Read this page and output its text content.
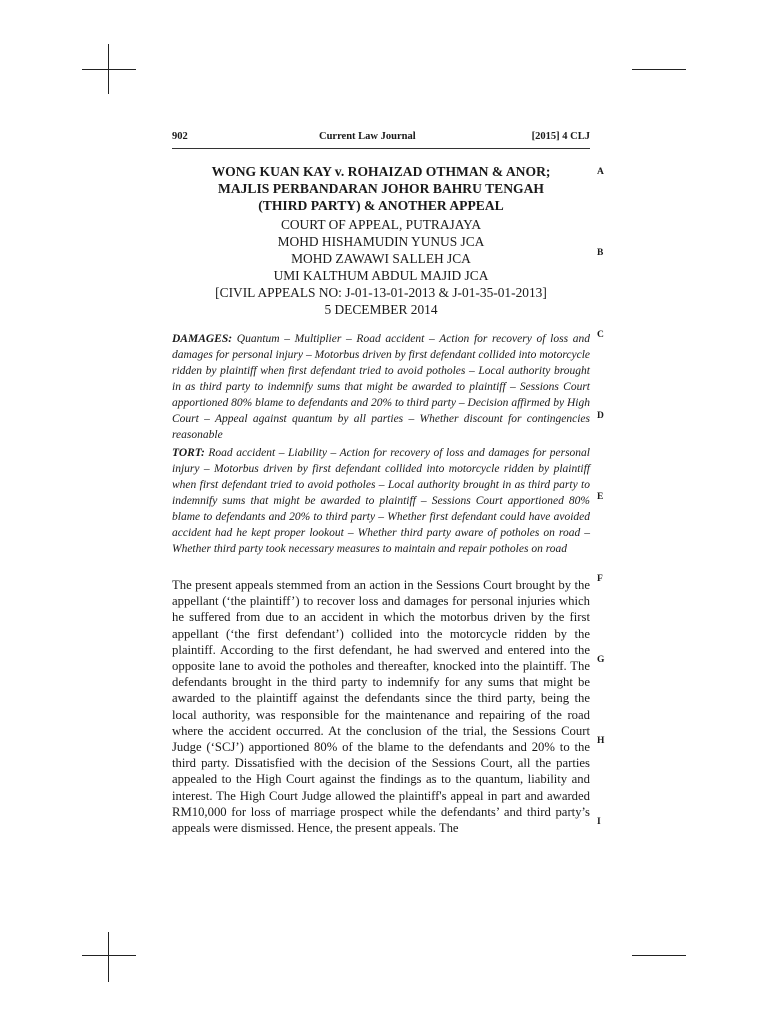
902	Current Law Journal	[2015] 4 CLJ
WONG KUAN KAY v. ROHAIZAD OTHMAN & ANOR;
MAJLIS PERBANDARAN JOHOR BAHRU TENGAH
(THIRD PARTY) & ANOTHER APPEAL
COURT OF APPEAL, PUTRAJAYA
MOHD HISHAMUDIN YUNUS JCA
MOHD ZAWAWI SALLEH JCA
UMI KALTHUM ABDUL MAJID JCA
[CIVIL APPEALS NO: J-01-13-01-2013 & J-01-35-01-2013]
5 DECEMBER 2014
DAMAGES: Quantum – Multiplier – Road accident – Action for recovery of loss and damages for personal injury – Motorbus driven by first defendant collided into motorcycle ridden by plaintiff when first defendant tried to avoid potholes – Local authority brought in as third party to indemnify sums that might be awarded to plaintiff – Sessions Court apportioned 80% blame to defendants and 20% to third party – Decision affirmed by High Court – Appeal against quantum by all parties – Whether discount for contingencies reasonable
TORT: Road accident – Liability – Action for recovery of loss and damages for personal injury – Motorbus driven by first defendant collided into motorcycle ridden by plaintiff when first defendant tried to avoid potholes – Local authority brought in as third party to indemnify sums that might be awarded to plaintiff – Sessions Court apportioned 80% blame to defendants and 20% to third party – Whether first defendant could have avoided accident had he kept proper lookout – Whether third party aware of potholes on road – Whether third party took necessary measures to maintain and repair potholes on road
The present appeals stemmed from an action in the Sessions Court brought by the appellant (‘the plaintiff’) to recover loss and damages for personal injuries which he suffered from due to an accident in which the motorbus driven by the first appellant (‘the first defendant’) collided into the motorcycle ridden by the plaintiff. According to the first defendant, he had swerved and entered into the opposite lane to avoid the potholes and thereafter, knocked into the plaintiff. The defendants brought in the third party to indemnify for any sums that might be awarded to the plaintiff against the defendants since the third party, being the local authority, was responsible for the maintenance and repairing of the road where the accident occurred. At the conclusion of the trial, the Sessions Court Judge (‘SCJ’) apportioned 80% of the blame to the defendants and 20% to the third party. Dissatisfied with the decision of the Sessions Court, all the parties appealed to the High Court against the findings as to the quantum, liability and interest. The High Court Judge allowed the plaintiff's appeal in part and awarded RM10,000 for loss of marriage prospect while the defendants’ and third party’s appeals were dismissed. Hence, the present appeals. The
A
B
C
D
E
F
G
H
I
